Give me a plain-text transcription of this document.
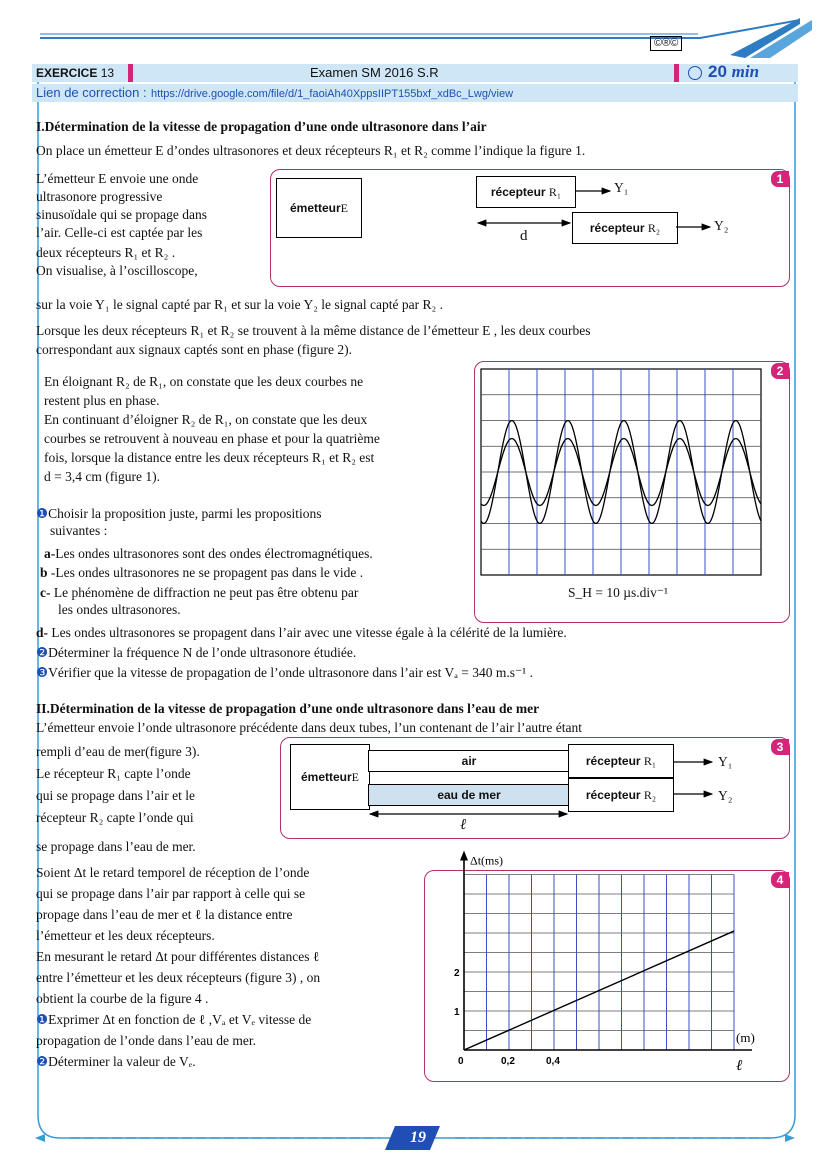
©®©
EXERCICE 13	Examen SM 2016 S.R	20 min
Lien de correction : https://drive.google.com/file/d/1_faoiAh40XppsIIPT155bxf_xdBc_Lwg/view
I.Détermination de la vitesse de propagation d’une onde ultrasonore dans l’air
On place un émetteur E d’ondes ultrasonores et deux récepteurs R₁ et R₂ comme l’indique la figure 1.
L’émetteur E envoie une onde
ultrasonore progressive
sinusoïdale qui se propage dans
l’air. Celle-ci est captée par les
deux récepteurs R₁ et R₂ .
On visualise, à l’oscilloscope,
1
émetteurE
récepteur R₁
récepteur R₂
Y₁
Y₂
d
sur la voie Y₁ le signal capté par R₁ et sur la voie Y₂ le signal capté par R₂ .
Lorsque les deux récepteurs R₁ et R₂ se trouvent à la même distance de l’émetteur E , les deux courbes
correspondant aux signaux captés sont en phase (figure 2).
En éloignant R₂ de R₁, on constate que les deux courbes ne
restent plus en phase.
En continuant d’éloigner R₂ de R₁, on constate que les deux
courbes se retrouvent à nouveau en phase et pour la quatrième
fois, lorsque la distance entre les deux récepteurs R₁ et R₂ est
d = 3,4 cm (figure 1).
❶Choisir la proposition juste, parmi les propositions
suivantes :
a-Les ondes ultrasonores sont des ondes électromagnétiques.
b -Les ondes ultrasonores ne se propagent pas dans le vide .
c- Le phénomène de diffraction ne peut pas être obtenu par
les ondes ultrasonores.
d- Les ondes ultrasonores se propagent dans l’air avec une vitesse égale à la célérité de la lumière.
❷Déterminer la fréquence N de l’onde ultrasonore étudiée.
❸Vérifier que la vitesse de propagation de l’onde ultrasonore dans l’air est Vₐ = 340 m.s⁻¹ .
2
S_H = 10 µs.div⁻¹
II.Détermination de la vitesse de propagation d’une onde ultrasonore dans l’eau de mer
L’émetteur envoie l’onde ultrasonore précédente dans deux tubes, l’un contenant de l’air l’autre étant
rempli d’eau de mer(figure 3).
Le récepteur R₁ capte l’onde
qui se propage dans l’air et le
récepteur R₂ capte l’onde qui
se propage dans l’eau de mer.
3
émetteurE
air
eau de mer
récepteur R₁
récepteur R₂
Y₁
Y₂
ℓ
Soient Δt le retard temporel de réception de l’onde
qui se propage dans l’air par rapport à celle qui se
propage dans l’eau de mer et ℓ la distance entre
l’émetteur et les deux récepteurs.
En mesurant le retard Δt pour différentes distances ℓ
entre l’émetteur et les deux récepteurs (figure 3) , on
obtient la courbe de la figure 4 .
❶Exprimer Δt en fonction de ℓ ,Vₐ et Vₑ vitesse de
propagation de l’onde dans l’eau de mer.
❷Déterminer la valeur de Vₑ.
4
0	0,2	0,4
1
2
Δt(ms)
(m)
ℓ
19
